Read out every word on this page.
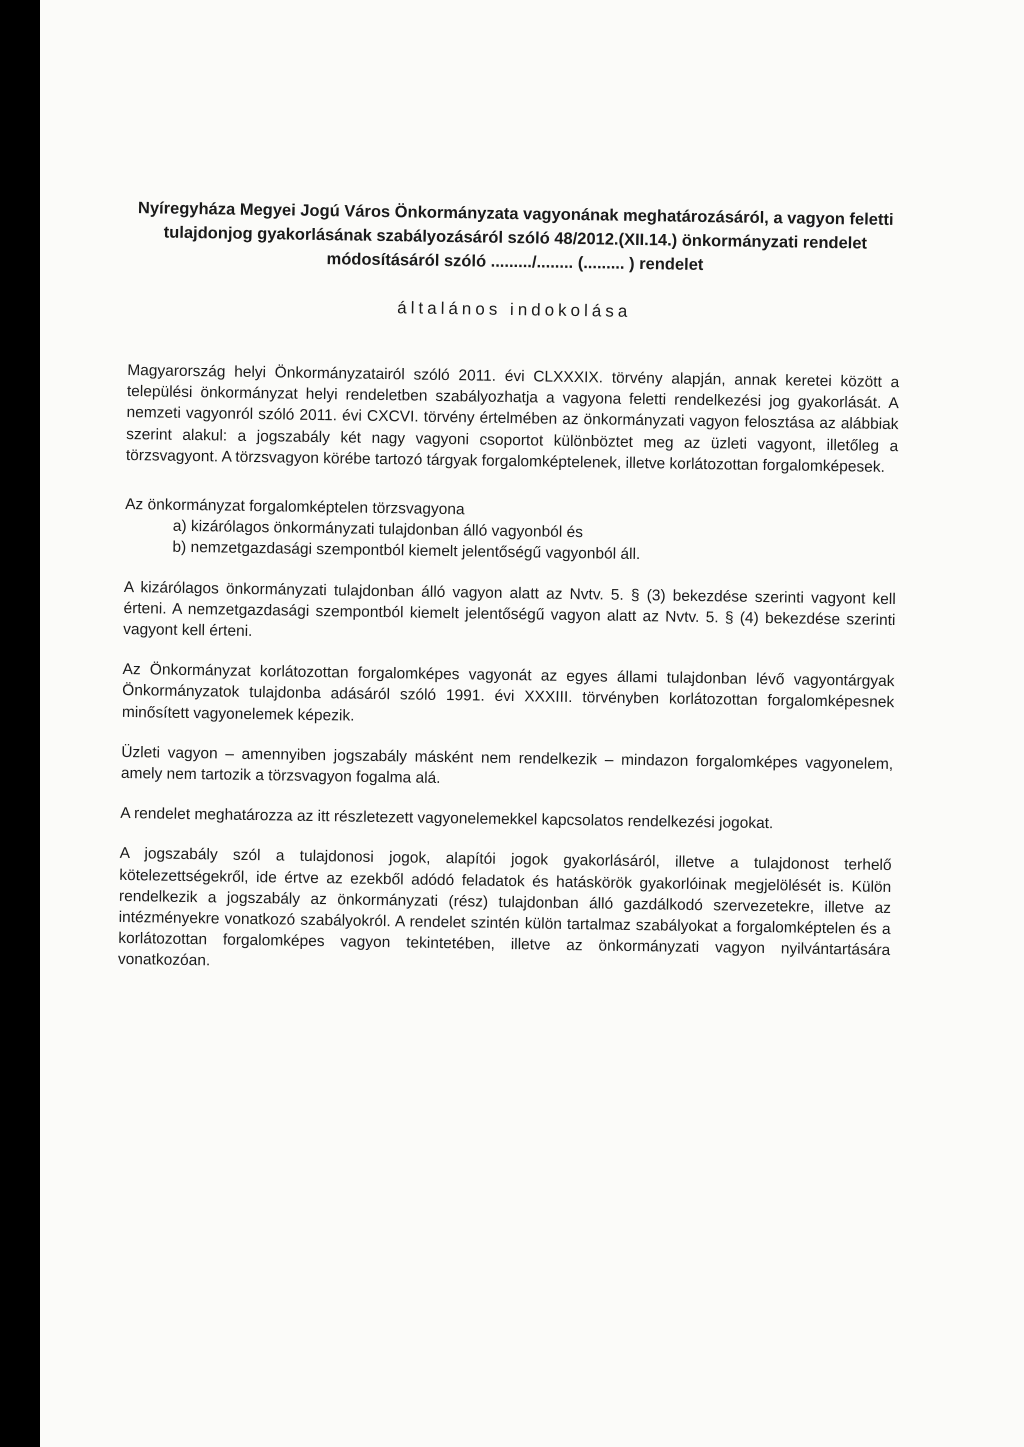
Nyíregyháza Megyei Jogú Város Önkormányzata vagyonának meghatározásáról, a vagyon feletti
tulajdonjog gyakorlásának szabályozásáról szóló 48/2012.(XII.14.) önkormányzati rendelet
módosításáról szóló ........./........ (......... ) rendelet
általános indokolása

Magyarország helyi Önkormányzatairól szóló 2011. évi CLXXXIX. törvény alapján, annak keretei között a települési önkormányzat helyi rendeletben szabályozhatja a vagyona feletti rendelkezési jog gyakorlását. A nemzeti vagyonról szóló 2011. évi CXCVI. törvény értelmében az önkormányzati vagyon felosztása az alábbiak szerint alakul: a jogszabály két nagy vagyoni csoportot különböztet meg az üzleti vagyont, illetőleg a törzsvagyont. A törzsvagyon körébe tartozó tárgyak forgalomképtelenek, illetve korlátozottan forgalomképesek.

Az önkormányzat forgalomképtelen törzsvagyona
a) kizárólagos önkormányzati tulajdonban álló vagyonból és
b) nemzetgazdasági szempontból kiemelt jelentőségű vagyonból áll.

A kizárólagos önkormányzati tulajdonban álló vagyon alatt az Nvtv. 5. § (3) bekezdése szerinti vagyont kell érteni. A nemzetgazdasági szempontból kiemelt jelentőségű vagyon alatt az Nvtv. 5. § (4) bekezdése szerinti vagyont kell érteni.

Az Önkormányzat korlátozottan forgalomképes vagyonát az egyes állami tulajdonban lévő vagyontárgyak Önkormányzatok tulajdonba adásáról szóló 1991. évi XXXIII. törvényben korlátozottan forgalomképesnek minősített vagyonelemek képezik.

Üzleti vagyon – amennyiben jogszabály másként nem rendelkezik – mindazon forgalomképes vagyonelem, amely nem tartozik a törzsvagyon fogalma alá.

A rendelet meghatározza az itt részletezett vagyonelemekkel kapcsolatos rendelkezési jogokat.

A jogszabály szól a tulajdonosi jogok, alapítói jogok gyakorlásáról, illetve a tulajdonost terhelő kötelezettségekről, ide értve az ezekből adódó feladatok és hatáskörök gyakorlóinak megjelölését is. Külön rendelkezik a jogszabály az önkormányzati (rész) tulajdonban álló gazdálkodó szervezetekre, illetve az intézményekre vonatkozó szabályokról. A rendelet szintén külön tartalmaz szabályokat a forgalomképtelen és a korlátozottan forgalomképes vagyon tekintetében, illetve az önkormányzati vagyon nyilvántartására vonatkozóan.
